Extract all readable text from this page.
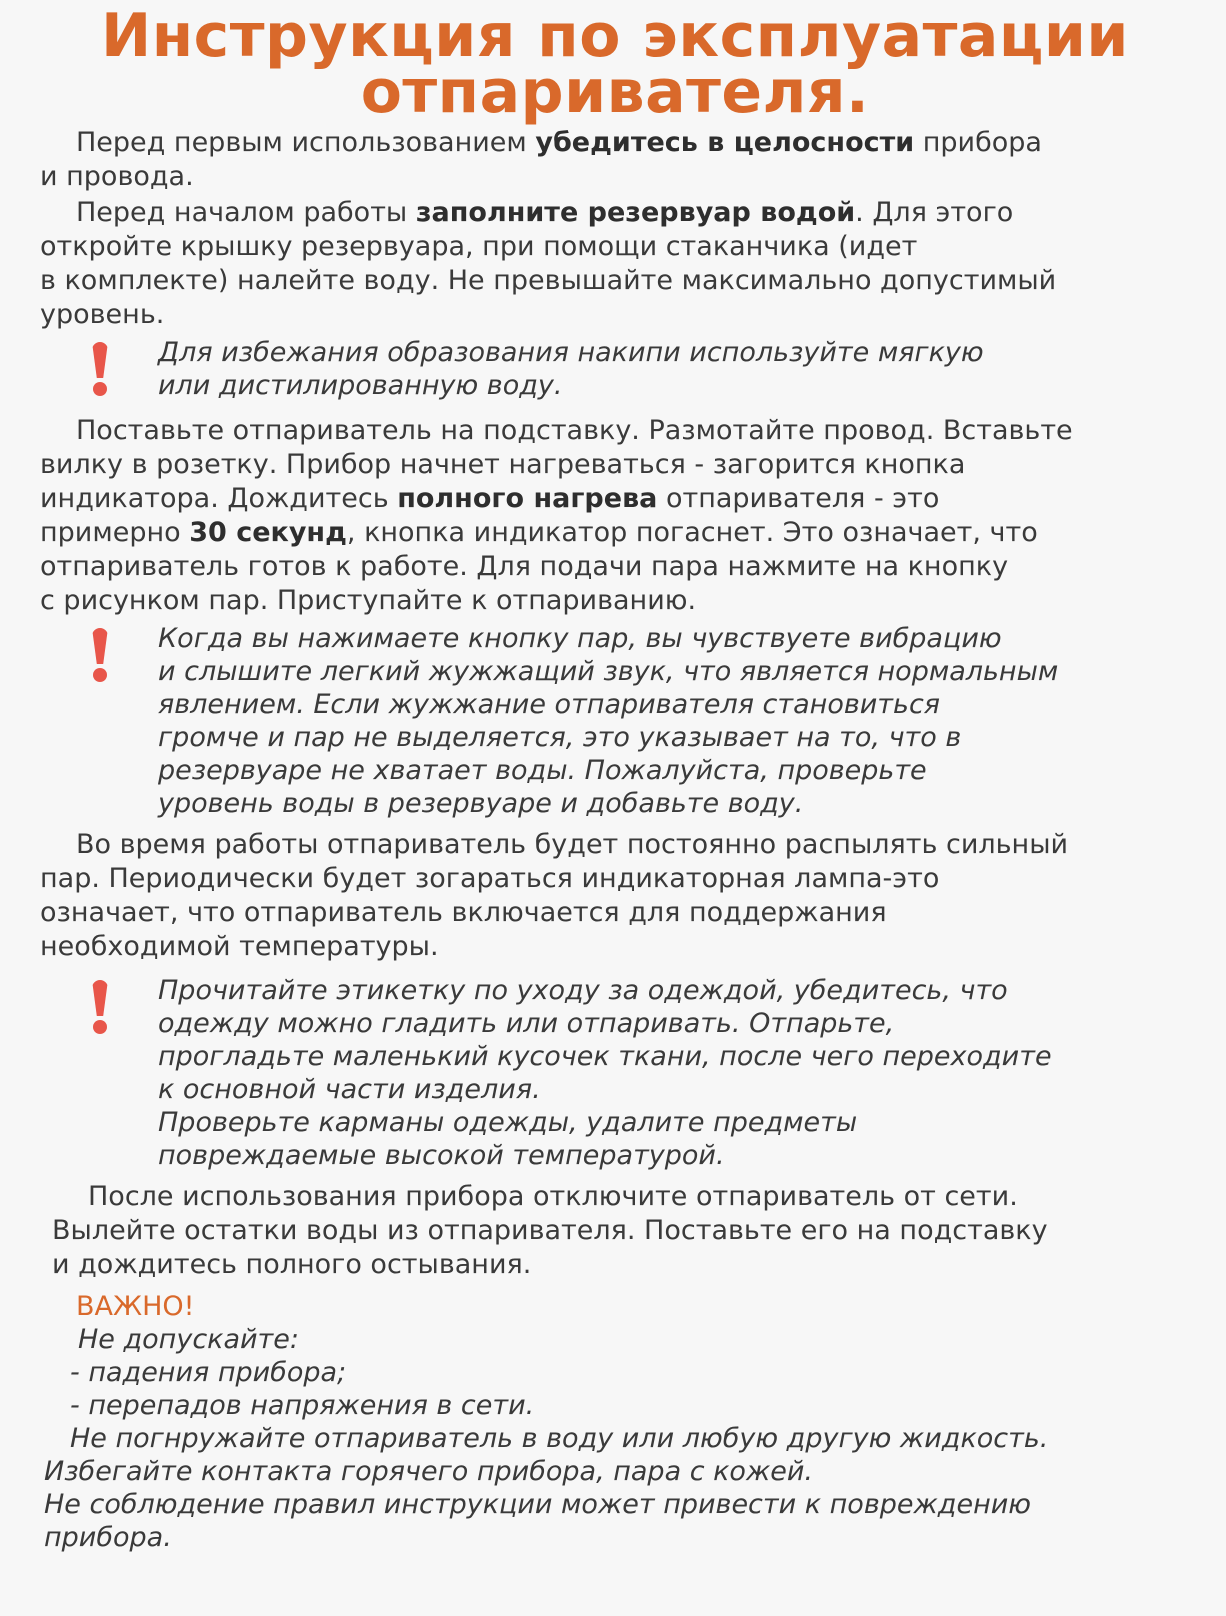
Инструкция по эксплуатации
отпаривателя.
Перед первым использованием убедитесь в целосности прибора
и провода.
Перед началом работы заполните резервуар водой. Для этого
откройте крышку резервуара, при помощи стаканчика (идет
в комплекте) налейте воду. Не превышайте максимально допустимый
уровень.
Для избежания образования накипи используйте мягкую
или дистилированную воду.
Поставьте отпариватель на подставку. Размотайте провод. Вставьте
вилку в розетку. Прибор начнет нагреваться - загорится кнопка
индикатора. Дождитесь полного нагрева отпаривателя - это
примерно 30 секунд, кнопка индикатор погаснет. Это означает, что
отпариватель готов к работе. Для подачи пара нажмите на кнопку
с рисунком пар. Приступайте к отпариванию.
Когда вы нажимаете кнопку пар, вы чувствуете вибрацию
и слышите легкий жужжащий звук, что является нормальным
явлением. Если жужжание отпаривателя становиться
громче и пар не выделяется, это указывает на то, что в
резервуаре не хватает воды. Пожалуйста, проверьте
уровень воды в резервуаре и добавьте воду.
Во время работы отпариватель будет постоянно распылять сильный
пар. Периодически будет зогараться индикаторная лампа-это
означает, что отпариватель включается для поддержания
необходимой температуры.
Прочитайте этикетку по уходу за одеждой, убедитесь, что
одежду можно гладить или отпаривать. Отпарьте,
прогладьте маленький кусочек ткани, после чего переходите
к основной части изделия.
Проверьте карманы одежды, удалите предметы
повреждаемые высокой температурой.
После использования прибора отключите отпариватель от сети.
Вылейте остатки воды из отпаривателя. Поставьте его на подставку
и дождитесь полного остывания.
ВАЖНО!
Не допускайте:
- падения прибора;
- перепадов напряжения в сети.
Не погнружайте отпариватель в воду или любую другую жидкость.
Избегайте контакта горячего прибора, пара с кожей.
Не соблюдение правил инструкции может привести к повреждению
прибора.
